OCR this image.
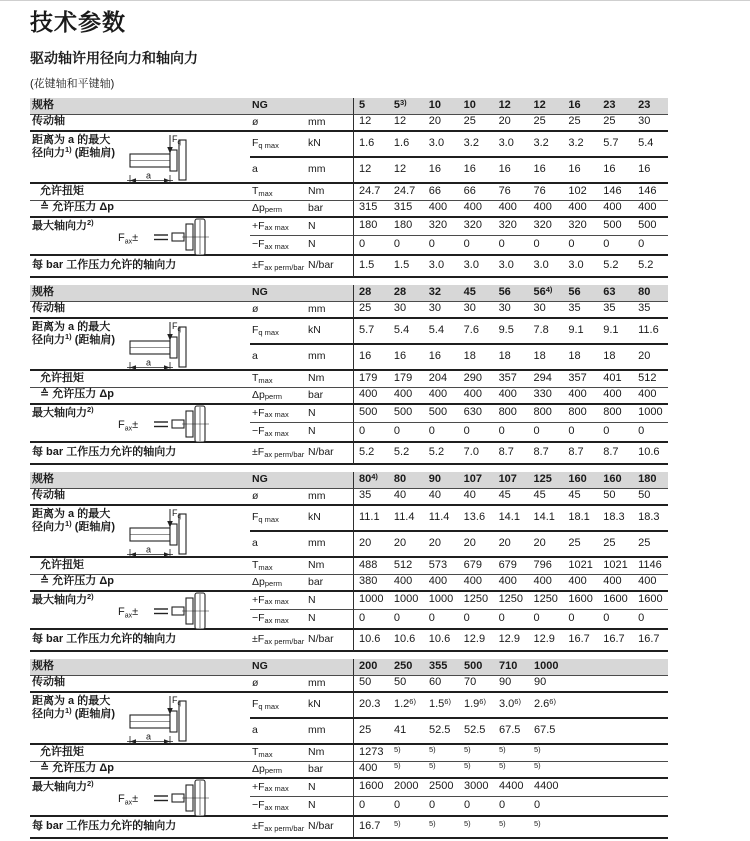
技术参数
驱动轴许用径向力和轴向力
(花键轴和平键轴)
规格	NG	5	5$^{3)}$	10	10	12	12	16	23	23
传动轴	ø	mm	12	12	20	25	20	25	25	25	30
距离为 a 的最大
径向力$^{1)}$ (距轴肩)
$F_q$
a
$F_{q max}$	kN	1.6	1.6	3.0	3.2	3.0	3.2	3.2	5.7	5.4
a	mm	12	12	16	16	16	16	16	16	16
允许扭矩	$T_{max}$	Nm	24.7	24.7	66	66	76	76	102	146	146
≙ 允许压力 Δp	$\Delta p_{perm}$ bar	315	315	400	400	400	400	400	400	400
最大轴向力$^{2)}$
$F_{ax}\pm$
$+F_{ax max}$ N	180	180	320	320	320	320	320	500	500
$-F_{ax max}$ N	0	0	0	0	0	0	0	0	0
每 bar 工作压力允许的轴向力	$\pm F_{ax perm/bar}$ N/bar	1.5	1.5	3.0	3.0	3.0	3.0	3.0	5.2	5.2
规格	NG	28	28	32	45	56	56$^{4)}$	56	63	80
传动轴	ø	mm	25	30	30	30	30	30	35	35	35
距离为 a 的最大
径向力$^{1)}$ (距轴肩)
$F_q$
a
$F_{q max}$	kN	5.7	5.4	5.4	7.6	9.5	7.8	9.1	9.1	11.6
a	mm	16	16	16	18	18	18	18	18	20
允许扭矩	$T_{max}$	Nm	179	179	204	290	357	294	357	401	512
≙ 允许压力 Δp	$\Delta p_{perm}$ bar	400	400	400	400	400	330	400	400	400
最大轴向力$^{2)}$
$F_{ax}\pm$
$+F_{ax max}$ N	500	500	500	630	800	800	800	800	1000
$-F_{ax max}$ N	0	0	0	0	0	0	0	0	0
每 bar 工作压力允许的轴向力	$\pm F_{ax perm/bar}$ N/bar	5.2	5.2	5.2	7.0	8.7	8.7	8.7	8.7	10.6
规格	NG	80$^{4)}$	80	90	107	107	125	160	160	180
传动轴	ø	mm	35	40	40	40	45	45	45	50	50
距离为 a 的最大
径向力$^{1)}$ (距轴肩)
$F_q$
a
$F_{q max}$	kN	11.1	11.4	11.4	13.6	14.1	14.1	18.1	18.3	18.3
a	mm	20	20	20	20	20	20	25	25	25
允许扭矩	$T_{max}$	Nm	488	512	573	679	679	796	1021 1021 1146
≙ 允许压力 Δp	$\Delta p_{perm}$ bar	380	400	400	400	400	400	400	400	400
最大轴向力$^{2)}$
$F_{ax}\pm$
$+F_{ax max}$ N	1000 1000 1000 1250 1250 1250 1600 1600 1600
$-F_{ax max}$ N	0	0	0	0	0	0	0	0	0
每 bar 工作压力允许的轴向力	$\pm F_{ax perm/bar}$ N/bar	10.6	10.6	10.6	12.9	12.9	12.9	16.7	16.7	16.7
规格	NG	200	250	355	500	710	1000
传动轴	ø	mm	50	50	60	70	90	90
距离为 a 的最大
径向力$^{1)}$ (距轴肩)
$F_q$
a
$F_{q max}$	kN	20.3	1.2$^{6)}$	1.5$^{6)}$	1.9$^{6)}$	3.0$^{6)}$	2.6$^{6)}$
a	mm	25	41	52.5	52.5	67.5	67.5
允许扭矩	$T_{max}$	Nm	1273	$^{5)}$	$^{5)}$	$^{5)}$	$^{5)}$	$^{5)}$
≙ 允许压力 Δp	$\Delta p_{perm}$ bar	400	$^{5)}$	$^{5)}$	$^{5)}$	$^{5)}$	$^{5)}$
最大轴向力$^{2)}$
$F_{ax}\pm$
$+F_{ax max}$ N	1600 2000 2500 3000 4400 4400
$-F_{ax max}$ N	0	0	0	0	0	0
每 bar 工作压力允许的轴向力	$\pm F_{ax perm/bar}$ N/bar	16.7	$^{5)}$	$^{5)}$	$^{5)}$	$^{5)}$	$^{5)}$
